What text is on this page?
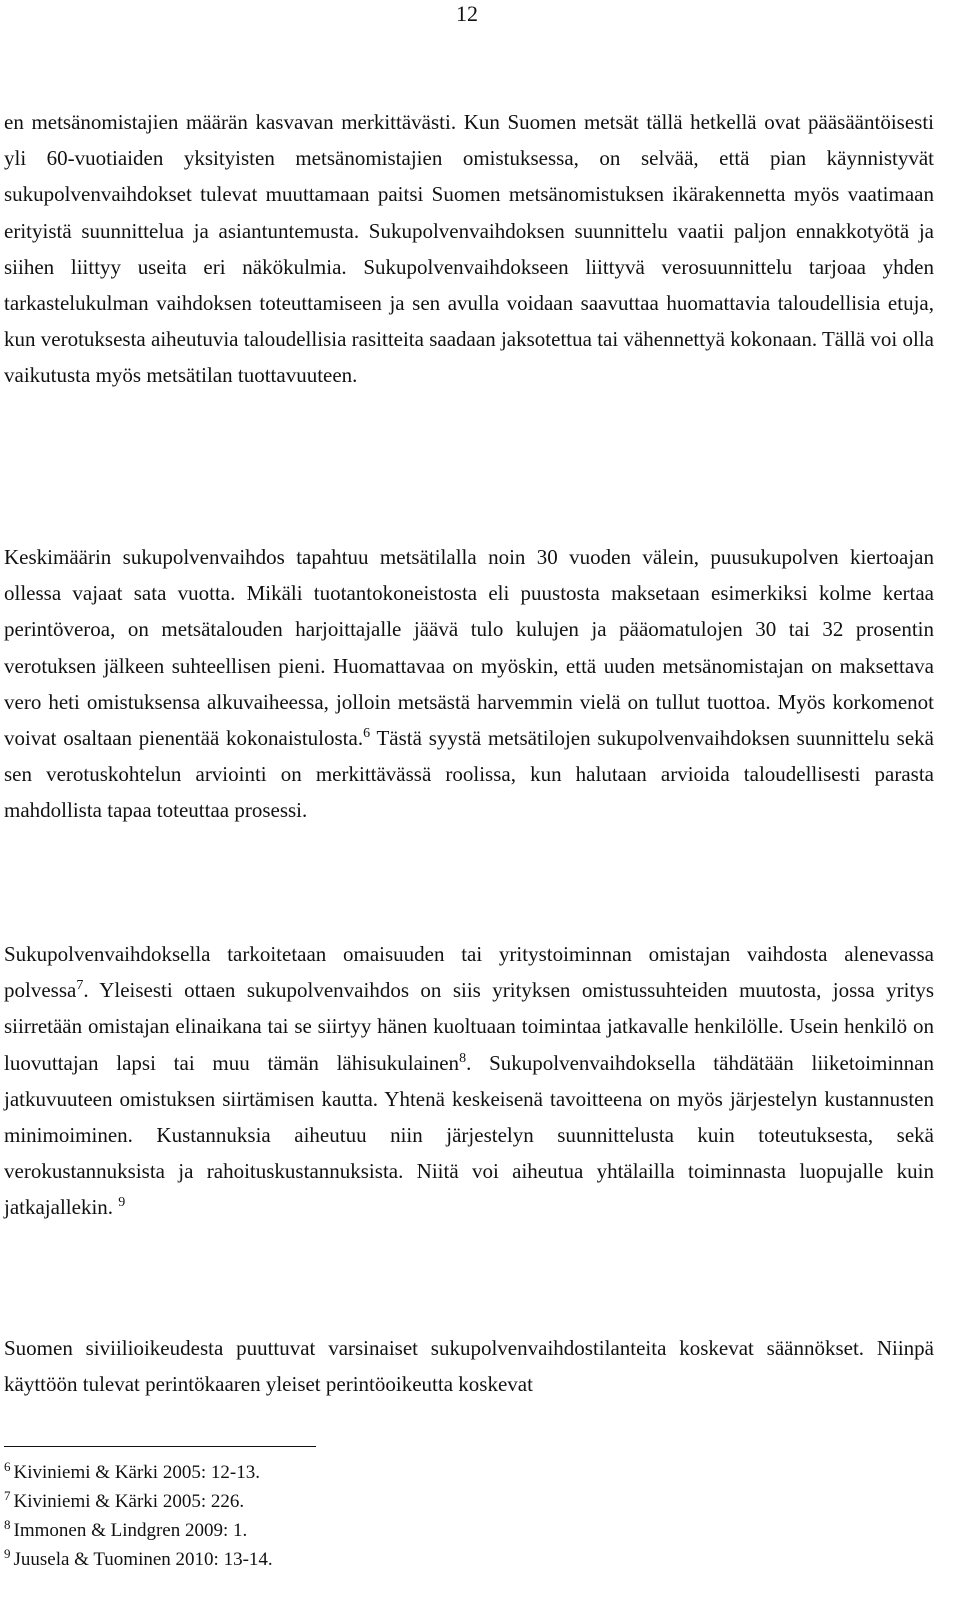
12

en metsänomistajien määrän kasvavan merkittävästi. Kun Suomen metsät tällä hetkellä ovat pääsääntöisesti yli 60-vuotiaiden yksityisten metsänomistajien omistuksessa, on selvää, että pian käynnistyvät sukupolvenvaihdokset tulevat muuttamaan paitsi Suomen metsänomistuksen ikärakennetta myös vaatimaan erityistä suunnittelua ja asiantuntemusta. Sukupolvenvaihdoksen suunnittelu vaatii paljon ennakkotyötä ja siihen liittyy useita eri näkökulmia. Sukupolvenvaihdokseen liittyvä verosuunnittelu tarjoaa yhden tarkastelukulman vaihdoksen toteuttamiseen ja sen avulla voidaan saavuttaa huomattavia taloudellisia etuja, kun verotuksesta aiheutuvia taloudellisia rasitteita saadaan jaksotettua tai vähennettyä kokonaan. Tällä voi olla vaikutusta myös metsätilan tuottavuuteen.

Keskimäärin sukupolvenvaihdos tapahtuu metsätilalla noin 30 vuoden välein, puusukupolven kiertoajan ollessa vajaat sata vuotta. Mikäli tuotantokoneistosta eli puustosta maksetaan esimerkiksi kolme kertaa perintöveroa, on metsätalouden harjoittajalle jäävä tulo kulujen ja pääomatulojen 30 tai 32 prosentin verotuksen jälkeen suhteellisen pieni. Huomattavaa on myöskin, että uuden metsänomistajan on maksettava vero heti omistuksensa alkuvaiheessa, jolloin metsästä harvemmin vielä on tullut tuottoa. Myös korkomenot voivat osaltaan pienentää kokonaistulosta.$^6$ Tästä syystä metsätilojen sukupolvenvaihdoksen suunnittelu sekä sen verotuskohtelun arviointi on merkittävässä roolissa, kun halutaan arvioida taloudellisesti parasta mahdollista tapaa toteuttaa prosessi.

Sukupolvenvaihdoksella tarkoitetaan omaisuuden tai yritystoiminnan omistajan vaihdosta alenevassa polvessa$^7$. Yleisesti ottaen sukupolvenvaihdos on siis yrityksen omistussuhteiden muutosta, jossa yritys siirretään omistajan elinaikana tai se siirtyy hänen kuoltuaan toimintaa jatkavalle henkilölle. Usein henkilö on luovuttajan lapsi tai muu tämän lähisukulainen$^8$. Sukupolvenvaihdoksella tähdätään liiketoiminnan jatkuvuuteen omistuksen siirtämisen kautta. Yhtenä keskeisenä tavoitteena on myös järjestelyn kustannusten minimoiminen. Kustannuksia aiheutuu niin järjestelyn suunnittelusta kuin toteutuksesta, sekä verokustannuksista ja rahoituskustannuksista. Niitä voi aiheutua yhtälailla toiminnasta luopujalle kuin jatkajallekin. $^9$

Suomen siviilioikeudesta puuttuvat varsinaiset sukupolvenvaihdostilanteita koskevat säännökset. Niinpä käyttöön tulevat perintökaaren yleiset perintöoikeutta koskevat

$^6$ Kiviniemi & Kärki 2005: 12-13.

$^7$ Kiviniemi & Kärki 2005: 226.

$^8$ Immonen & Lindgren 2009: 1.

$^9$ Juusela & Tuominen 2010: 13-14.
